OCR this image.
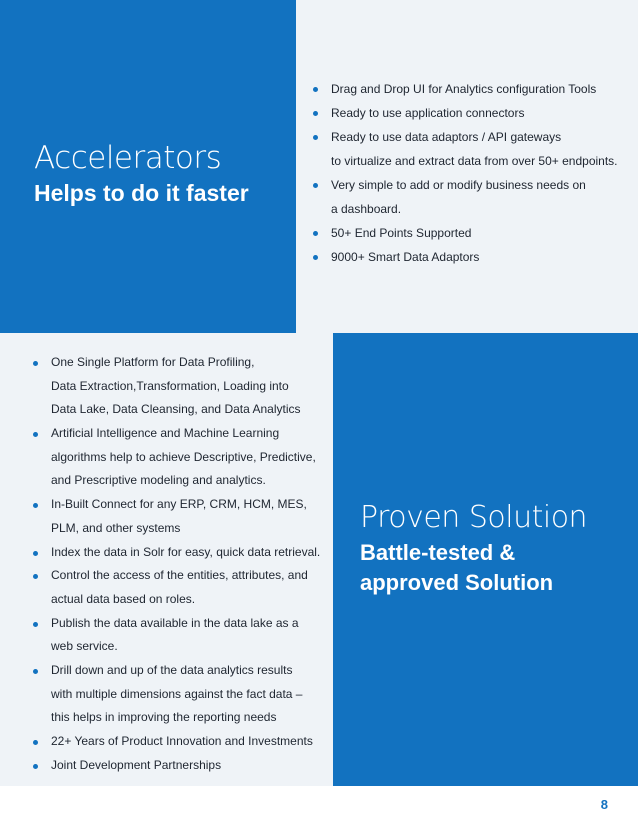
Accelerators
Helps to do it faster
Drag and Drop UI for Analytics configuration Tools
Ready to use application connectors
Ready to use data adaptors / API gateways
to virtualize and extract data from over 50+ endpoints.
Very simple to add or modify business needs on
a dashboard.
50+ End Points Supported
9000+ Smart Data Adaptors
One Single Platform for Data Profiling,
Data Extraction,Transformation, Loading into
Data Lake, Data Cleansing, and Data Analytics
Artificial Intelligence and Machine Learning
algorithms help to achieve Descriptive, Predictive,
and Prescriptive modeling and analytics.
In-Built Connect for any ERP, CRM, HCM, MES,
PLM, and other systems
Index the data in Solr for easy, quick data retrieval.
Control the access of the entities, attributes, and
actual data based on roles.
Publish the data available in the data lake as a
web service.
Drill down and up of the data analytics results
with multiple dimensions against the fact data –
this helps in improving the reporting needs
22+ Years of Product Innovation and Investments
Joint Development Partnerships
Proven Solution
Battle-tested &
approved Solution
8
